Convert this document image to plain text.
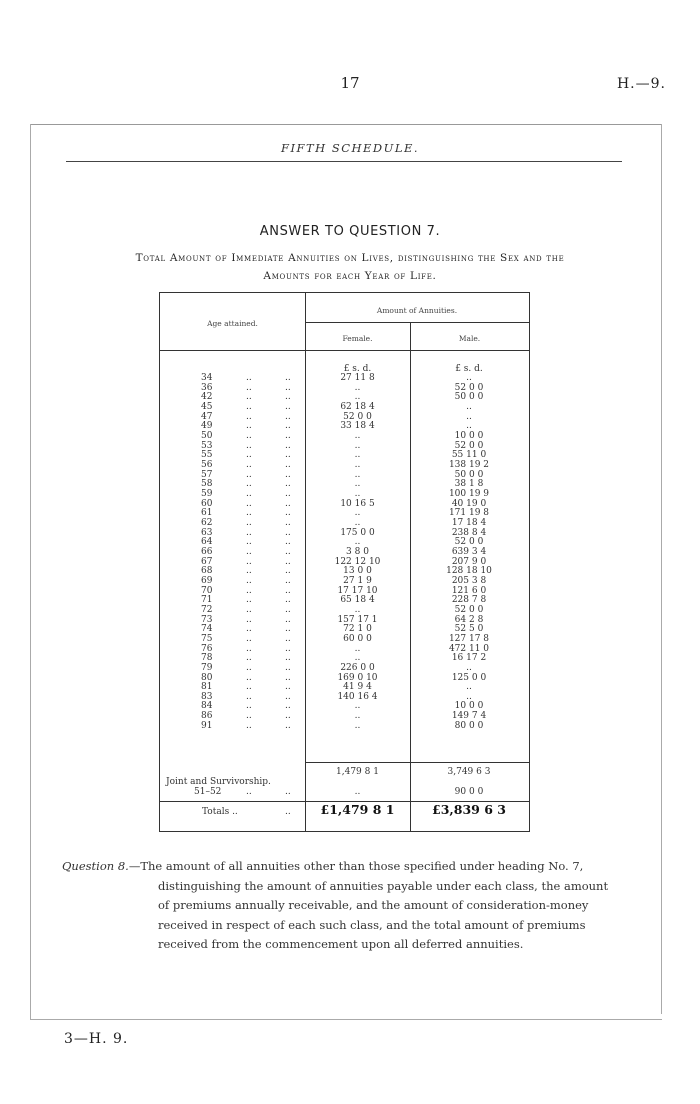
17	H.—9.
FIFTH SCHEDULE.
ANSWER TO QUESTION 7.
Total Amount of Immediate Annuities on Lives, distinguishing the Sex and the
Amounts for each Year of Life.
Age attained.
Amount of Annuities.
Female.	Male.
£ s. d.	£ s. d.
1,479 8 1	3,749 6 3
Joint and Survivorship.
51–52	..	..	..	90 0 0
Totals ..	..	£1,479 8 1	£3,839 6 3
34	..	..	27 11 8	..
36	..	..	..	52 0 0
42	..	..	..	50 0 0
45	..	..	62 18 4	..
47	..	..	52 0 0	..
49	..	..	33 18 4	..
50	..	..	..	10 0 0
53	..	..	..	52 0 0
55	..	..	..	55 11 0
56	..	..	..	138 19 2
57	..	..	..	50 0 0
58	..	..	..	38 1 8
59	..	..	..	100 19 9
60	..	..	10 16 5	40 19 0
61	..	..	..	171 19 8
62	..	..	..	17 18 4
63	..	..	175 0 0	238 8 4
64	..	..	..	52 0 0
66	..	..	3 8 0	639 3 4
67	..	..	122 12 10	207 9 0
68	..	..	13 0 0	128 18 10
69	..	..	27 1 9	205 3 8
70	..	..	17 17 10	121 6 0
71	..	..	65 18 4	228 7 8
72	..	..	..	52 0 0
73	..	..	157 17 1	64 2 8
74	..	..	72 1 0	52 5 0
75	..	..	60 0 0	127 17 8
76	..	..	..	472 11 0
78	..	..	..	16 17 2
79	..	..	226 0 0	..
80	..	..	169 0 10	125 0 0
81	..	..	41 9 4	..
83	..	..	140 16 4	..
84	..	..	..	10 0 0
86	..	..	..	149 7 4
91	..	..	..	80 0 0
Question 8.—The amount of all annuities other than those specified under heading No. 7,
distinguishing the amount of annuities payable under each class, the amount
of premiums annually receivable, and the amount of consideration-money
received in respect of each such class, and the total amount of premiums
received from the commencement upon all deferred annuities.
3—H. 9.
